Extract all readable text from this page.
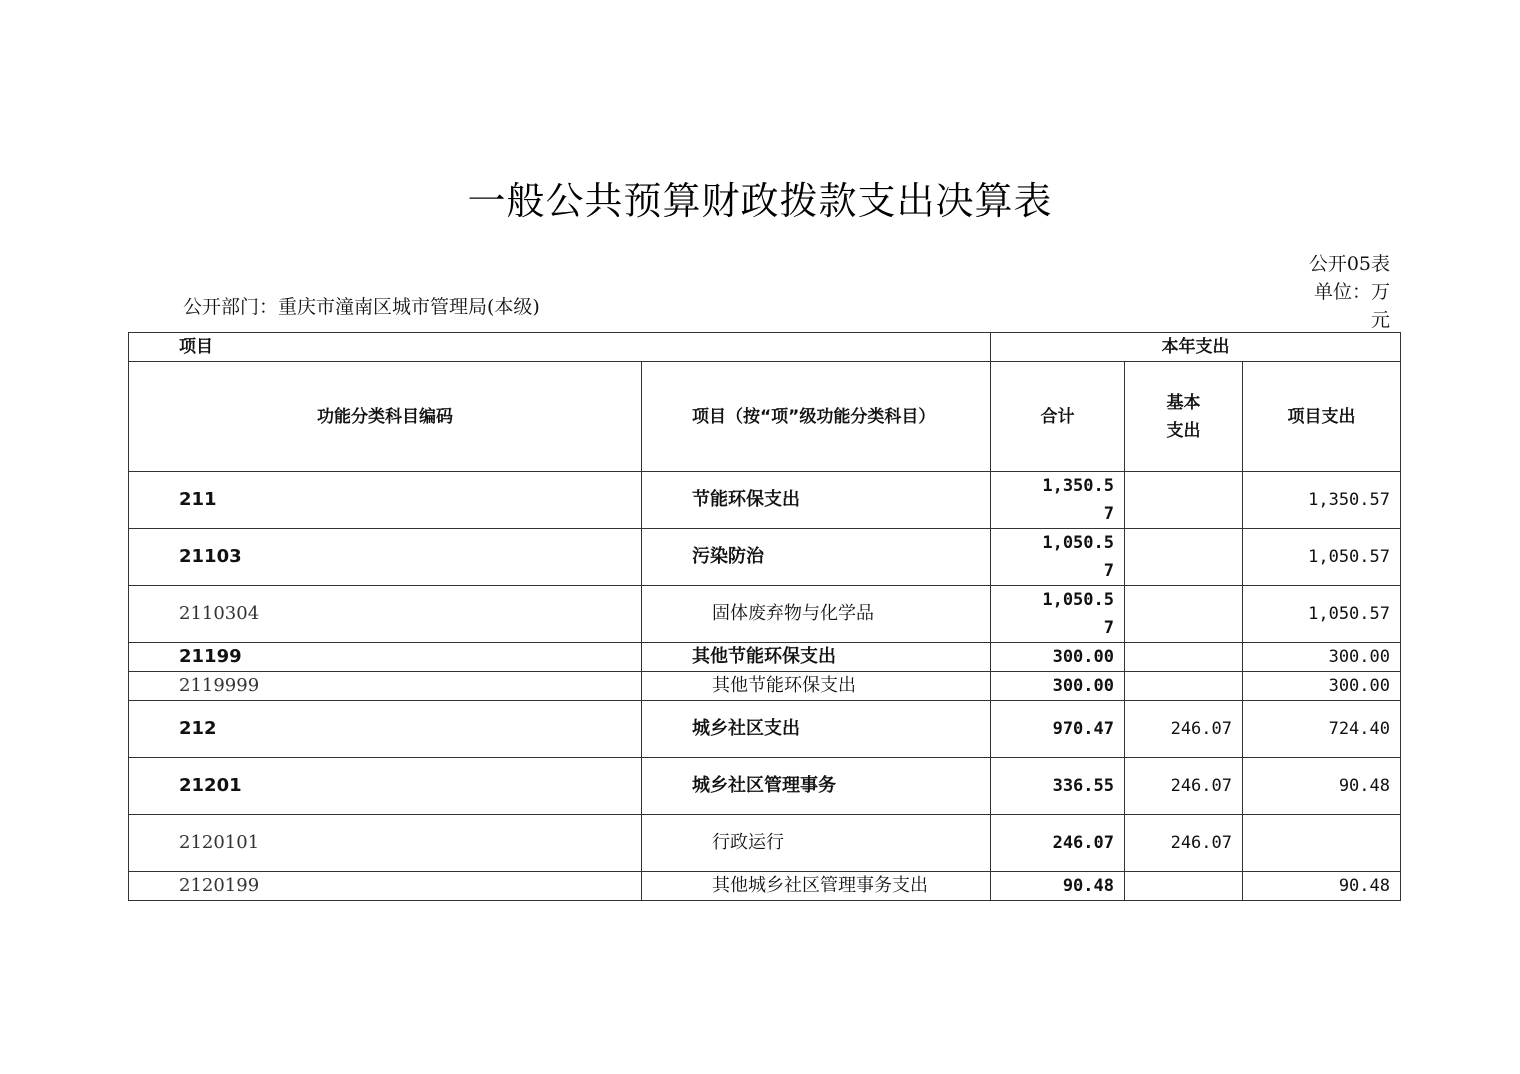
一般公共预算财政拨款支出决算表
公开05表
单位：万元
公开部门：重庆市潼南区城市管理局(本级)
项目		本年支出		
功能分类科目编码	项目（按“项”级功能分类科目）	合计	基本支出	项目支出
211	节能环保支出	1,350.57		1,350.57
21103	污染防治	1,050.57		1,050.57
2110304	固体废弃物与化学品	1,050.57		1,050.57
21199	其他节能环保支出	300.00		300.00
2119999	其他节能环保支出	300.00		300.00
212	城乡社区支出	970.47	246.07	724.40
21201	城乡社区管理事务	336.55	246.07	90.48
2120101	行政运行	246.07	246.07	
2120199	其他城乡社区管理事务支出	90.48		90.48
